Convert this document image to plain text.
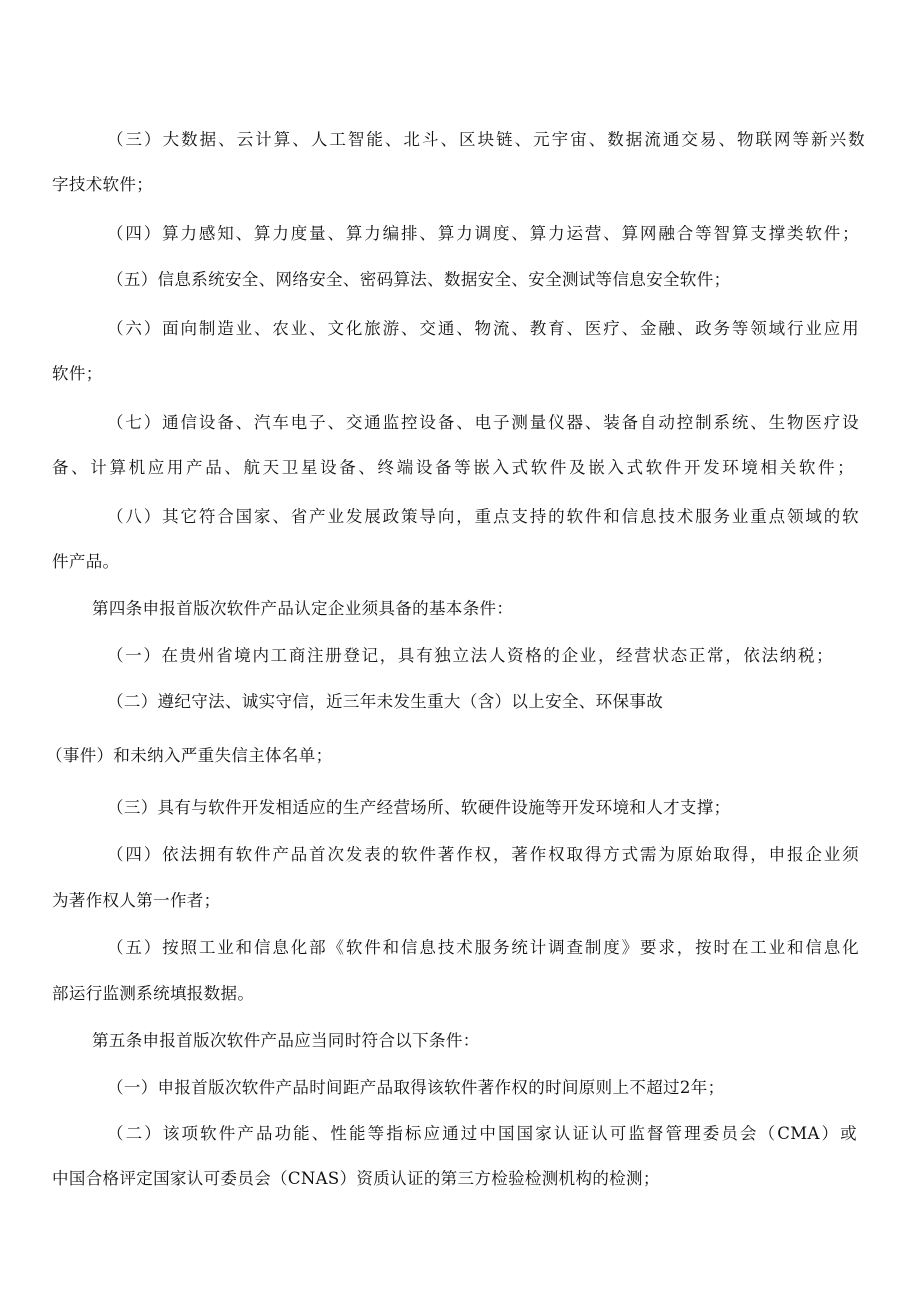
（三）大数据、云计算、人工智能、北斗、区块链、元宇宙、数据流通交易、物联网等新兴数
字技术软件；
（四）算力感知、算力度量、算力编排、算力调度、算力运营、算网融合等智算支撑类软件；
（五）信息系统安全、网络安全、密码算法、数据安全、安全测试等信息安全软件；
（六）面向制造业、农业、文化旅游、交通、物流、教育、医疗、金融、政务等领域行业应用
软件；
（七）通信设备、汽车电子、交通监控设备、电子测量仪器、装备自动控制系统、生物医疗设
备、计算机应用产品、航天卫星设备、终端设备等嵌入式软件及嵌入式软件开发环境相关软件；
（八）其它符合国家、省产业发展政策导向，重点支持的软件和信息技术服务业重点领域的软
件产品。
第四条申报首版次软件产品认定企业须具备的基本条件：
（一）在贵州省境内工商注册登记，具有独立法人资格的企业，经营状态正常，依法纳税；
（二）遵纪守法、诚实守信，近三年未发生重大（含）以上安全、环保事故
（事件）和未纳入严重失信主体名单；
（三）具有与软件开发相适应的生产经营场所、软硬件设施等开发环境和人才支撑；
（四）依法拥有软件产品首次发表的软件著作权，著作权取得方式需为原始取得，申报企业须
为著作权人第一作者；
（五）按照工业和信息化部《软件和信息技术服务统计调查制度》要求，按时在工业和信息化
部运行监测系统填报数据。
第五条申报首版次软件产品应当同时符合以下条件：
（一）申报首版次软件产品时间距产品取得该软件著作权的时间原则上不超过2年；
（二）该项软件产品功能、性能等指标应通过中国国家认证认可监督管理委员会（CMA）或
中国合格评定国家认可委员会（CNAS）资质认证的第三方检验检测机构的检测；
